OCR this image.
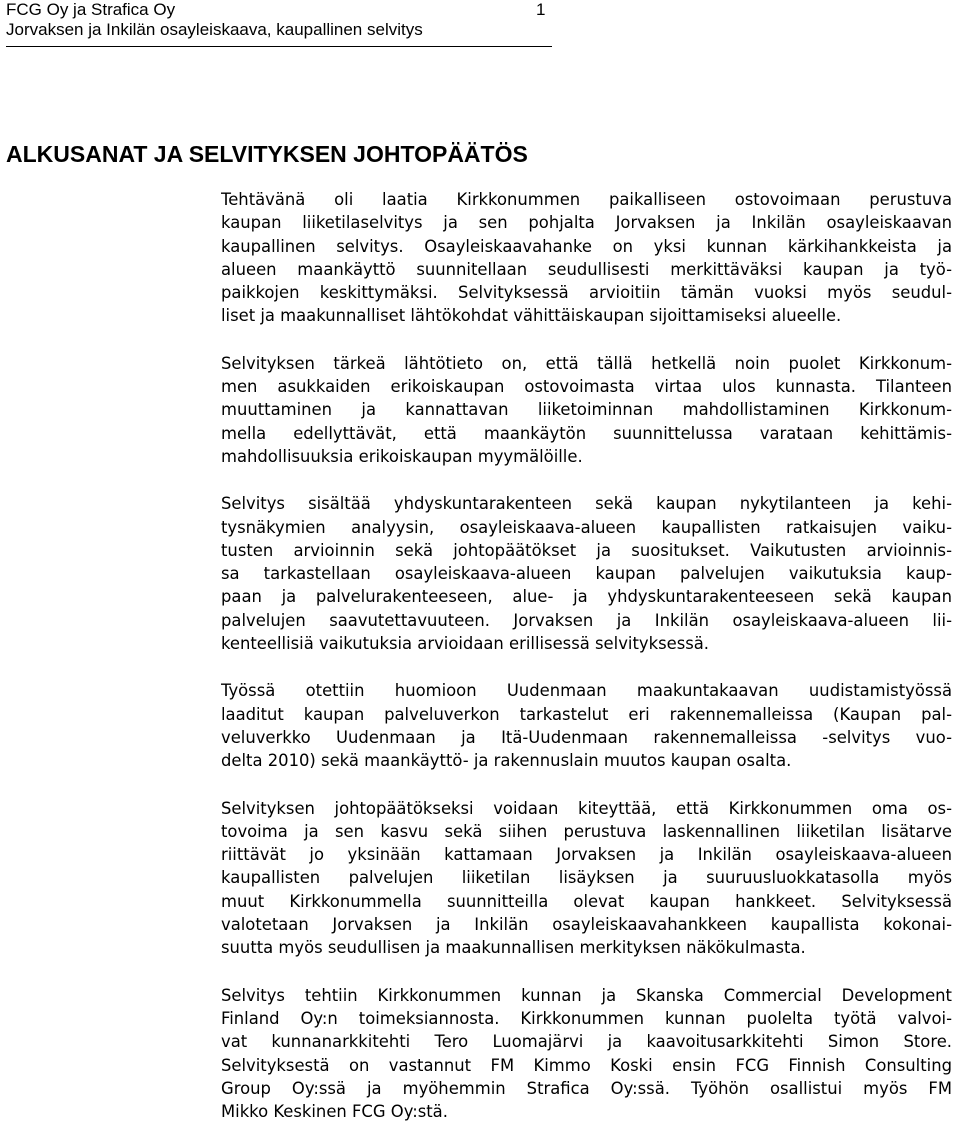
FCG Oy ja Strafica Oy
Jorvaksen ja Inkilän osayleiskaava, kaupallinen selvitys
1
ALKUSANAT JA SELVITYKSEN JOHTOPÄÄTÖS

Tehtävänä oli laatia Kirkkonummen paikalliseen ostovoimaan perustuva
kaupan liiketilaselvitys ja sen pohjalta Jorvaksen ja Inkilän osayleiskaavan
kaupallinen selvitys. Osayleiskaavahanke on yksi kunnan kärkihankkeista ja
alueen maankäyttö suunnitellaan seudullisesti merkittäväksi kaupan ja työ-
paikkojen keskittymäksi. Selvityksessä arvioitiin tämän vuoksi myös seudul-
liset ja maakunnalliset lähtökohdat vähittäiskaupan sijoittamiseksi alueelle.

Selvityksen tärkeä lähtötieto on, että tällä hetkellä noin puolet Kirkkonum-
men asukkaiden erikoiskaupan ostovoimasta virtaa ulos kunnasta. Tilanteen
muuttaminen ja kannattavan liiketoiminnan mahdollistaminen Kirkkonum-
mella edellyttävät, että maankäytön suunnittelussa varataan kehittämis-
mahdollisuuksia erikoiskaupan myymälöille.

Selvitys sisältää yhdyskuntarakenteen sekä kaupan nykytilanteen ja kehi-
tysnäkymien analyysin, osayleiskaava-alueen kaupallisten ratkaisujen vaiku-
tusten arvioinnin sekä johtopäätökset ja suositukset. Vaikutusten arvioinnis-
sa tarkastellaan osayleiskaava-alueen kaupan palvelujen vaikutuksia kaup-
paan ja palvelurakenteeseen, alue- ja yhdyskuntarakenteeseen sekä kaupan
palvelujen saavutettavuuteen. Jorvaksen ja Inkilän osayleiskaava-alueen lii-
kenteellisiä vaikutuksia arvioidaan erillisessä selvityksessä.

Työssä otettiin huomioon Uudenmaan maakuntakaavan uudistamistyössä
laaditut kaupan palveluverkon tarkastelut eri rakennemalleissa (Kaupan pal-
veluverkko Uudenmaan ja Itä-Uudenmaan rakennemalleissa -selvitys vuo-
delta 2010) sekä maankäyttö- ja rakennuslain muutos kaupan osalta.

Selvityksen johtopäätökseksi voidaan kiteyttää, että Kirkkonummen oma os-
tovoima ja sen kasvu sekä siihen perustuva laskennallinen liiketilan lisätarve
riittävät jo yksinään kattamaan Jorvaksen ja Inkilän osayleiskaava-alueen
kaupallisten palvelujen liiketilan lisäyksen ja suuruusluokkatasolla myös
muut Kirkkonummella suunnitteilla olevat kaupan hankkeet. Selvityksessä
valotetaan Jorvaksen ja Inkilän osayleiskaavahankkeen kaupallista kokonai-
suutta myös seudullisen ja maakunnallisen merkityksen näkökulmasta.

Selvitys tehtiin Kirkkonummen kunnan ja Skanska Commercial Development
Finland Oy:n toimeksiannosta. Kirkkonummen kunnan puolelta työtä valvoi-
vat kunnanarkkitehti Tero Luomajärvi ja kaavoitusarkkitehti Simon Store.
Selvityksestä on vastannut FM Kimmo Koski ensin FCG Finnish Consulting
Group Oy:ssä ja myöhemmin Strafica Oy:ssä. Työhön osallistui myös FM
Mikko Keskinen FCG Oy:stä.
